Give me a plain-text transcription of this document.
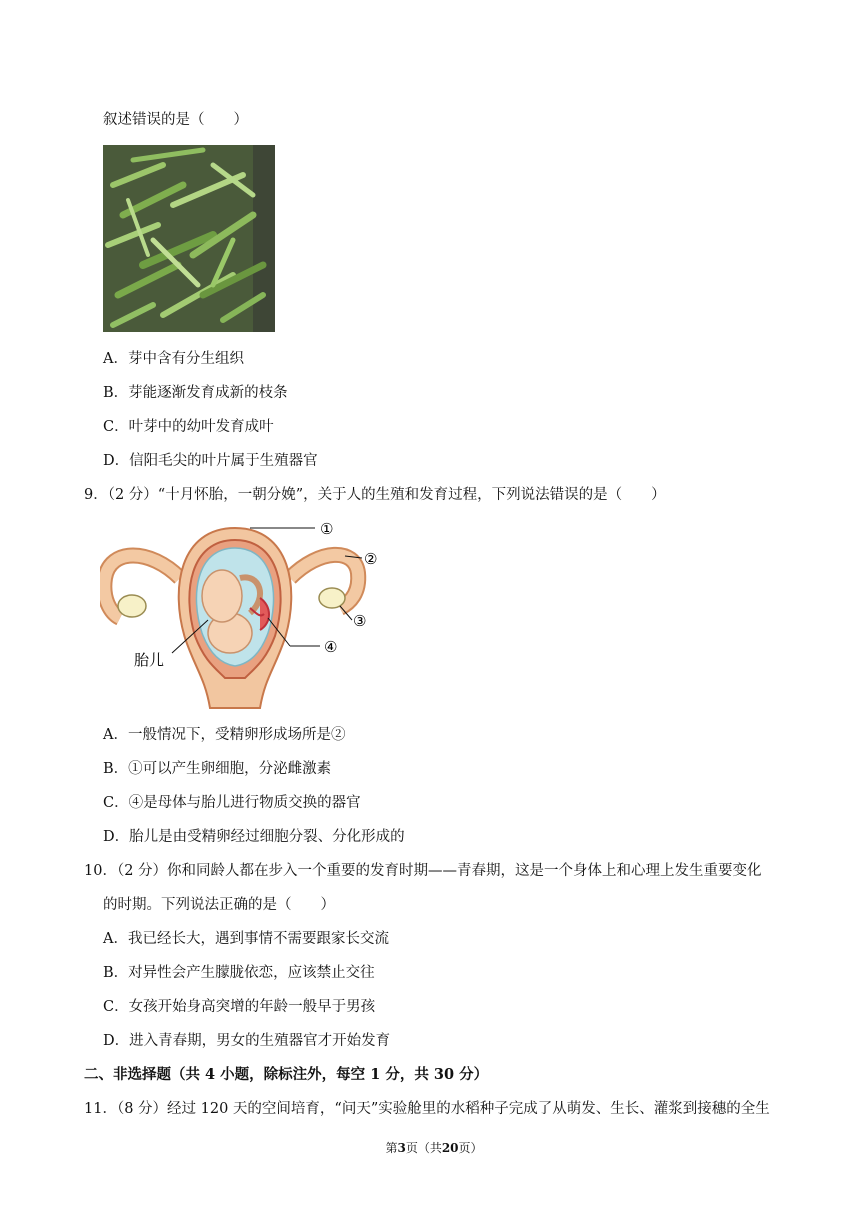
叙述错误的是（　　）
A．芽中含有分生组织
B．芽能逐渐发育成新的枝条
C．叶芽中的幼叶发育成叶
D．信阳毛尖的叶片属于生殖器官
9．（2 分）“十月怀胎，一朝分娩”，关于人的生殖和发育过程，下列说法错误的是（　　）
①
②
③
④
胎儿
A．一般情况下，受精卵形成场所是②
B．①可以产生卵细胞，分泌雌激素
C．④是母体与胎儿进行物质交换的器官
D．胎儿是由受精卵经过细胞分裂、分化形成的
10．（2 分）你和同龄人都在步入一个重要的发育时期——青春期，这是一个身体上和心理上发生重要变化
的时期。下列说法正确的是（　　）
A．我已经长大，遇到事情不需要跟家长交流
B．对异性会产生朦胧依恋，应该禁止交往
C．女孩开始身高突增的年龄一般早于男孩
D．进入青春期，男女的生殖器官才开始发育
二、非选择题（共 4 小题，除标注外，每空 1 分，共 30 分）
11．（8 分）经过 120 天的空间培育，“问天”实验舱里的水稻种子完成了从萌发、生长、灌浆到接穗的全生
第3页（共20页）
